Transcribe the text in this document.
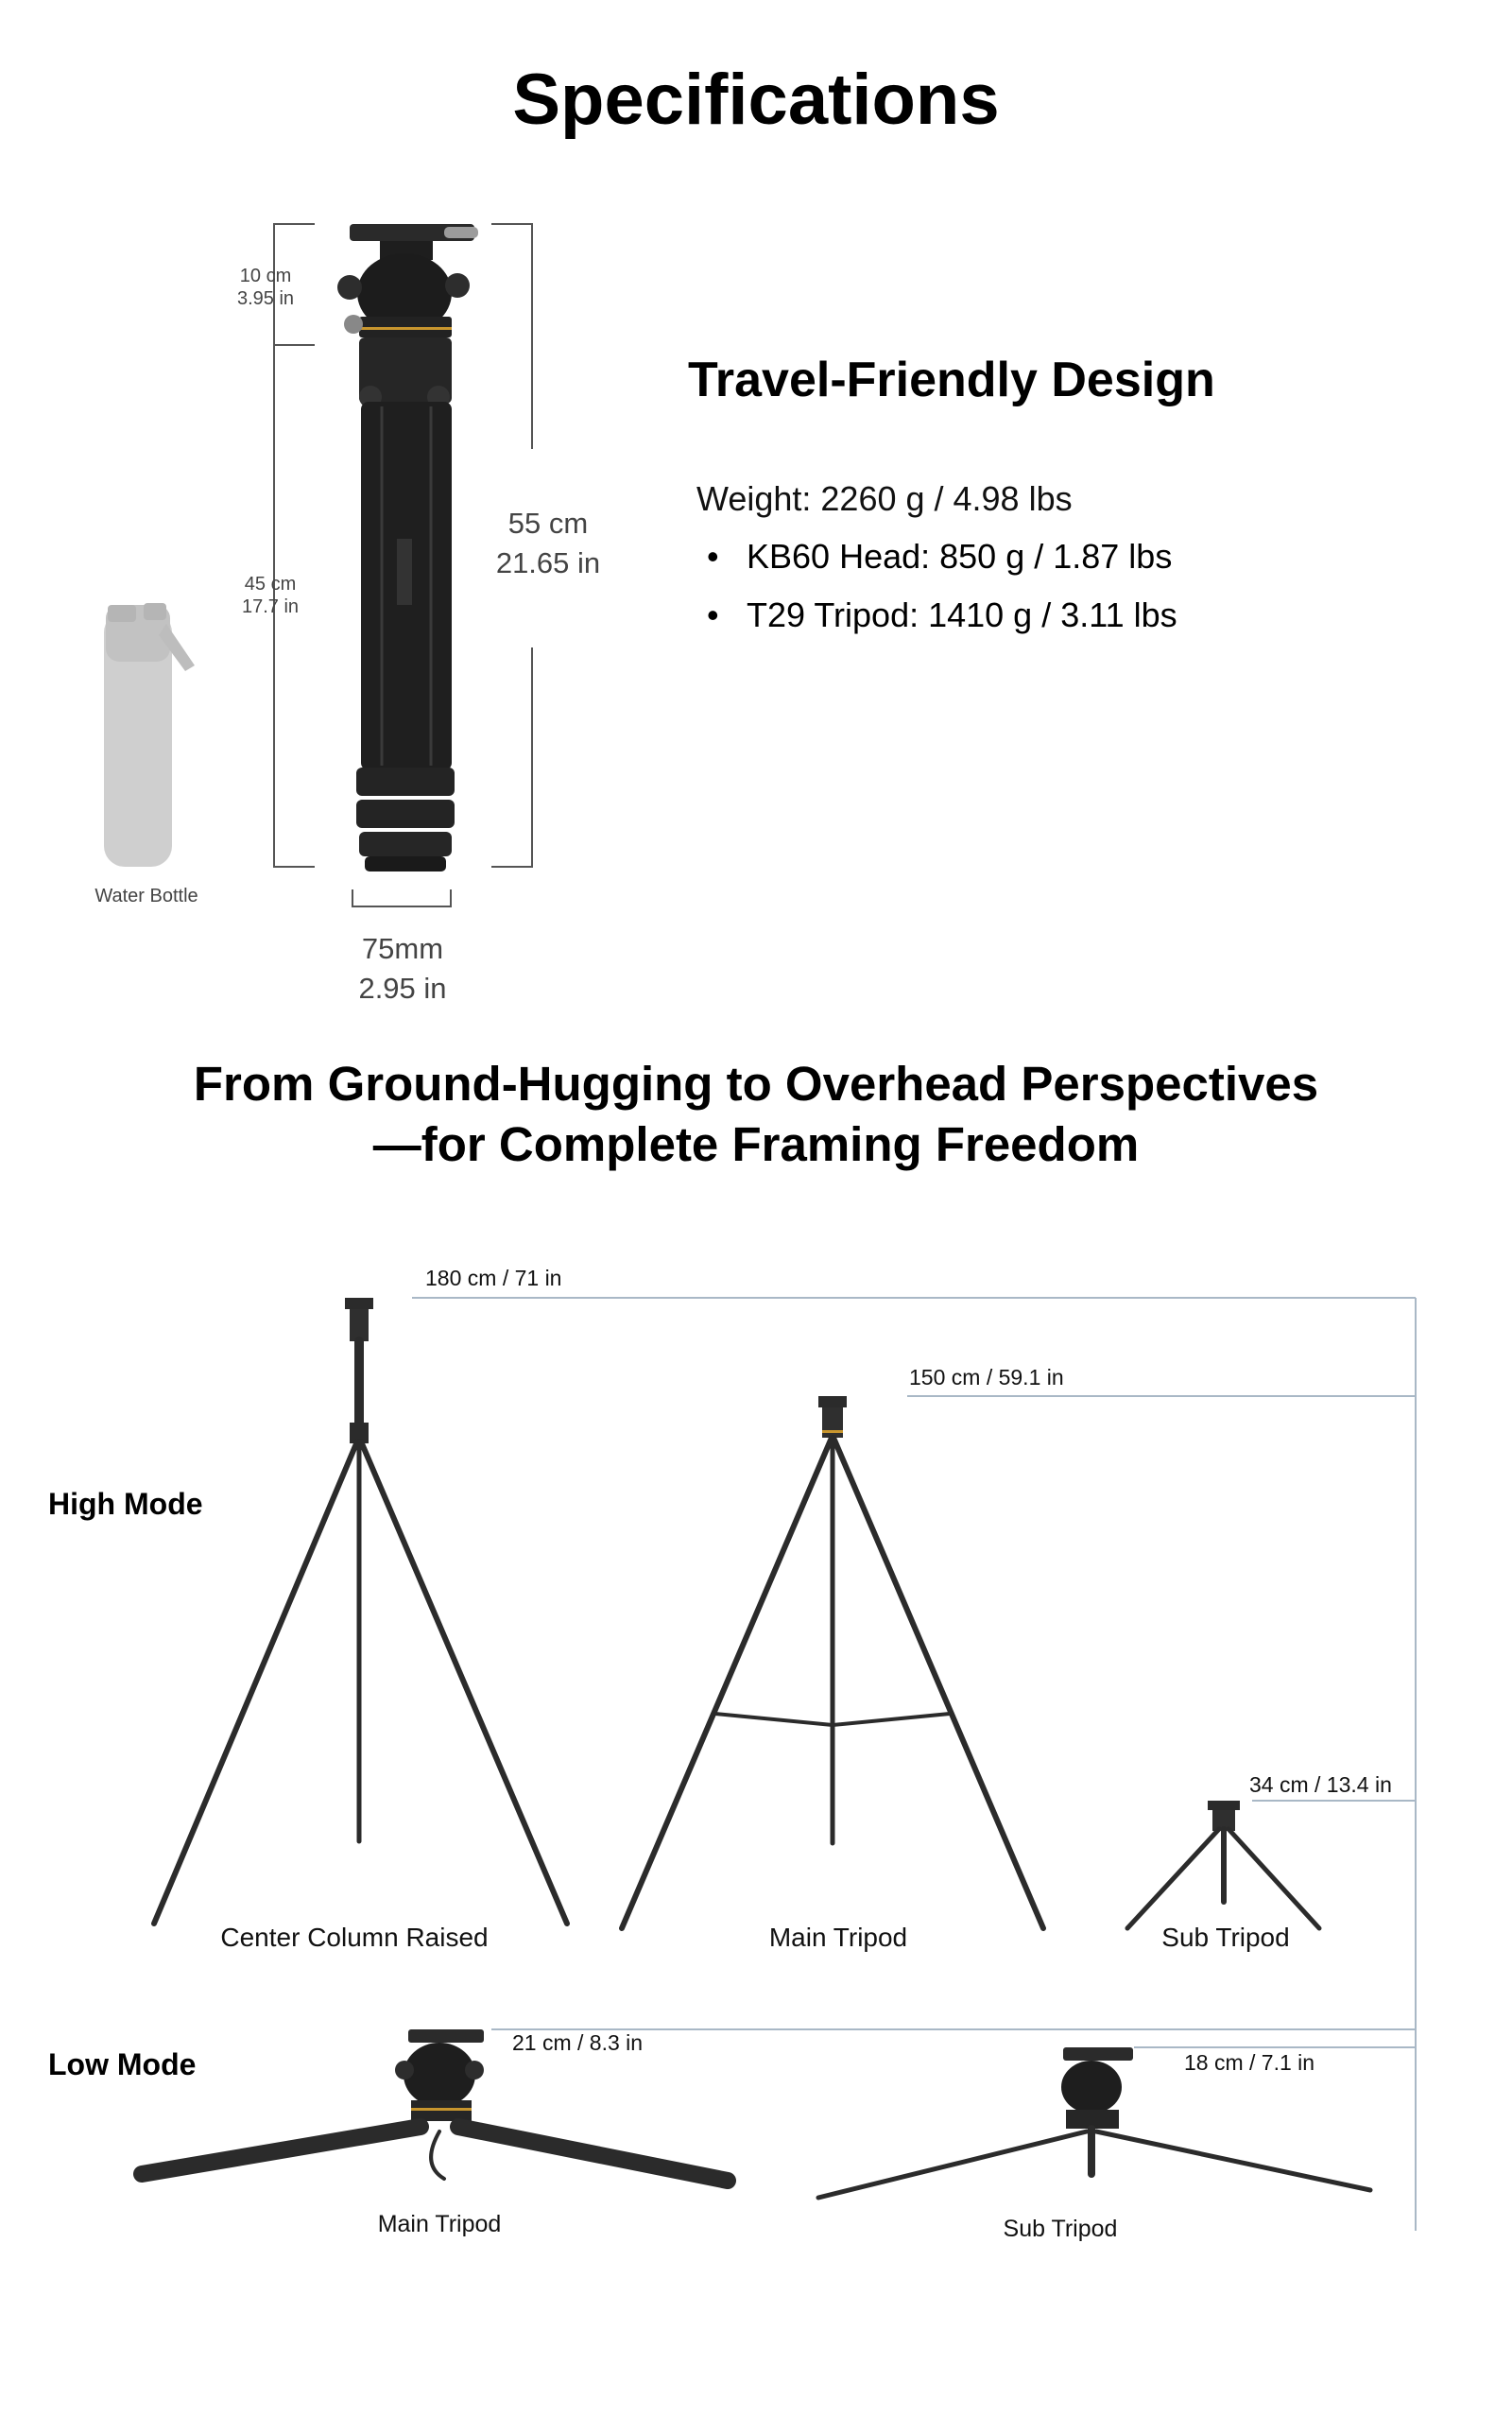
Specifications
10 cm
3.95 in
45 cm
17.7 in
55 cm
21.65 in
75mm
2.95 in
Water Bottle
Travel-Friendly Design
Weight: 2260 g / 4.98 lbs
• KB60 Head: 850 g / 1.87 lbs
• T29 Tripod: 1410 g / 3.11 lbs
From Ground-Hugging to Overhead Perspectives
—for Complete Framing Freedom
High Mode
180 cm / 71 in
150 cm / 59.1 in
34 cm / 13.4 in
Center Column Raised	Main Tripod	Sub Tripod
Low Mode
21 cm / 8.3 in
18 cm / 7.1 in
Main Tripod	Sub Tripod
